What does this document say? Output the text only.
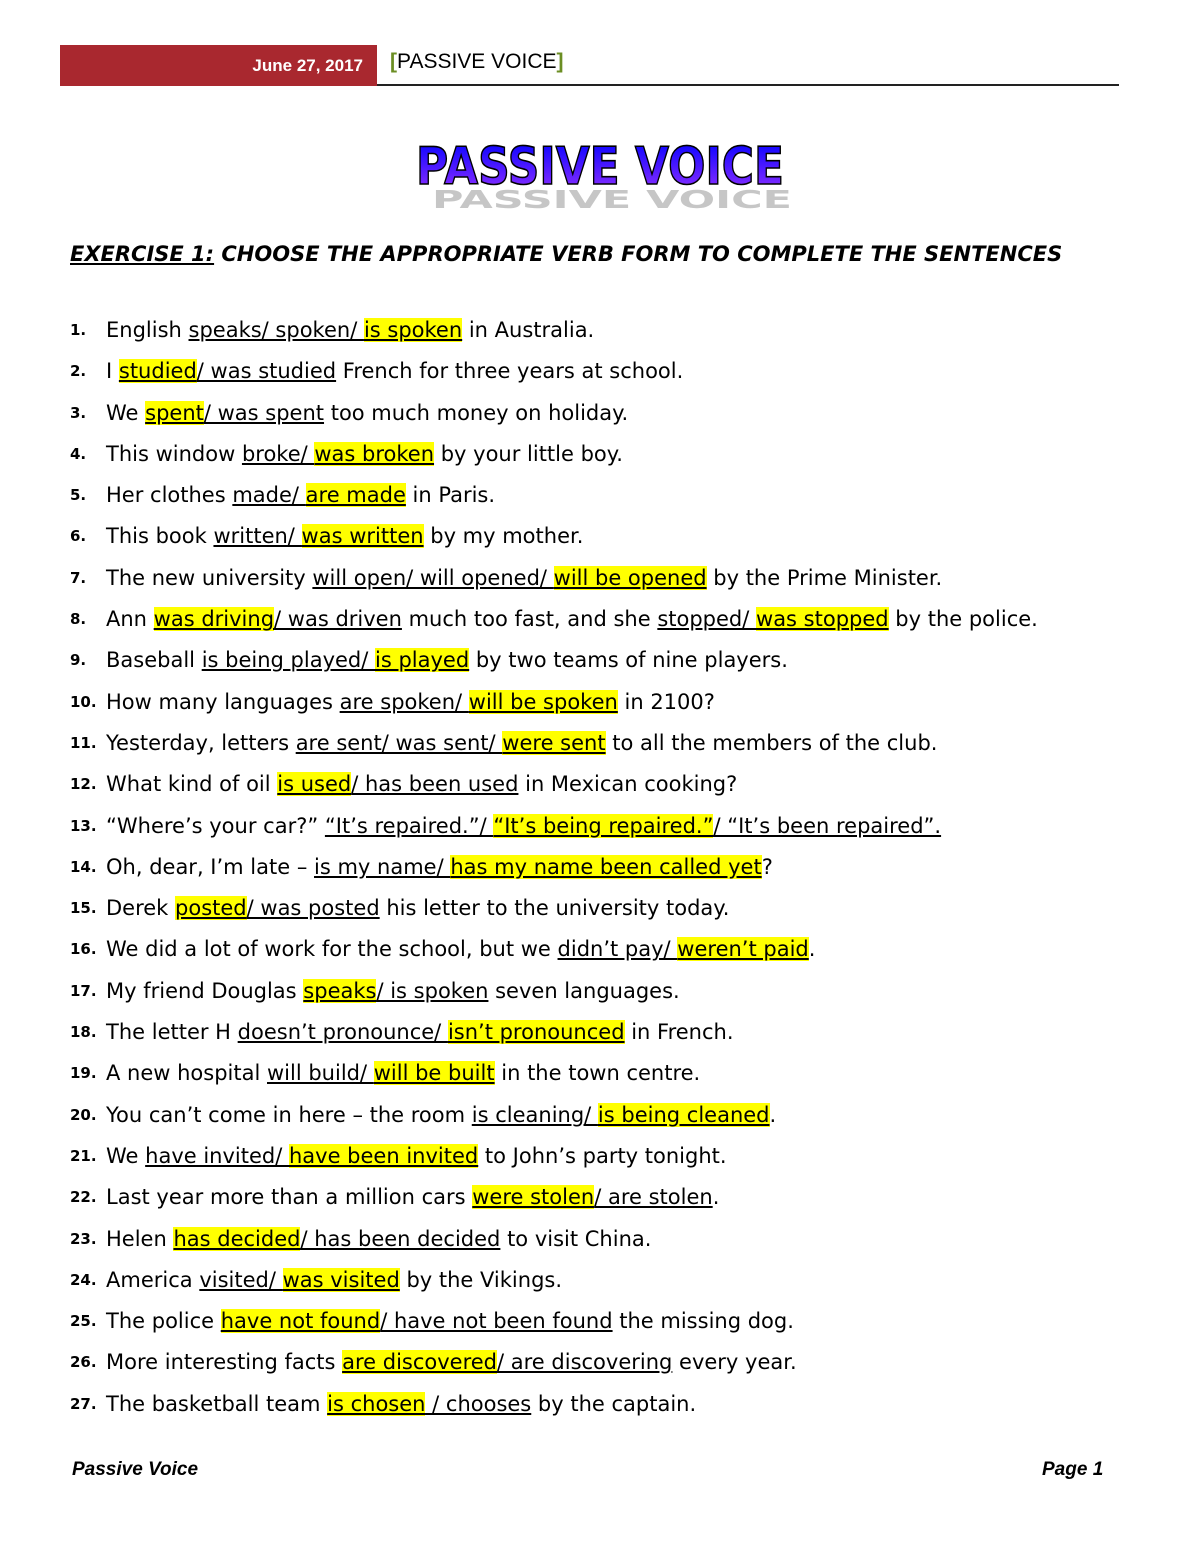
June 27, 2017	[PASSIVE VOICE]
PASSIVE VOICE
PASSIVE VOICE
EXERCISE 1: CHOOSE THE APPROPRIATE VERB FORM TO COMPLETE THE SENTENCES
1. English speaks/ spoken/ is spoken in Australia.
2. I studied/ was studied French for three years at school.
3. We spent/ was spent too much money on holiday.
4. This window broke/ was broken by your little boy.
5. Her clothes made/ are made in Paris.
6. This book written/ was written by my mother.
7. The new university will open/ will opened/ will be opened by the Prime Minister.
8. Ann was driving/ was driven much too fast, and she stopped/ was stopped by the police.
9. Baseball is being played/ is played by two teams of nine players.
10. How many languages are spoken/ will be spoken in 2100?
11. Yesterday, letters are sent/ was sent/ were sent to all the members of the club.
12. What kind of oil is used/ has been used in Mexican cooking?
13. “Where’s your car?” “It’s repaired.”/ “It’s being repaired.”/ “It’s been repaired”.
14. Oh, dear, I’m late – is my name/ has my name been called yet?
15. Derek posted/ was posted his letter to the university today.
16. We did a lot of work for the school, but we didn’t pay/ weren’t paid.
17. My friend Douglas speaks/ is spoken seven languages.
18. The letter H doesn’t pronounce/ isn’t pronounced in French.
19. A new hospital will build/ will be built in the town centre.
20. You can’t come in here – the room is cleaning/ is being cleaned.
21. We have invited/ have been invited to John’s party tonight.
22. Last year more than a million cars were stolen/ are stolen.
23. Helen has decided/ has been decided to visit China.
24. America visited/ was visited by the Vikings.
25. The police have not found/ have not been found the missing dog.
26. More interesting facts are discovered/ are discovering every year.
27. The basketball team is chosen / chooses by the captain.
Passive Voice	Page 1
